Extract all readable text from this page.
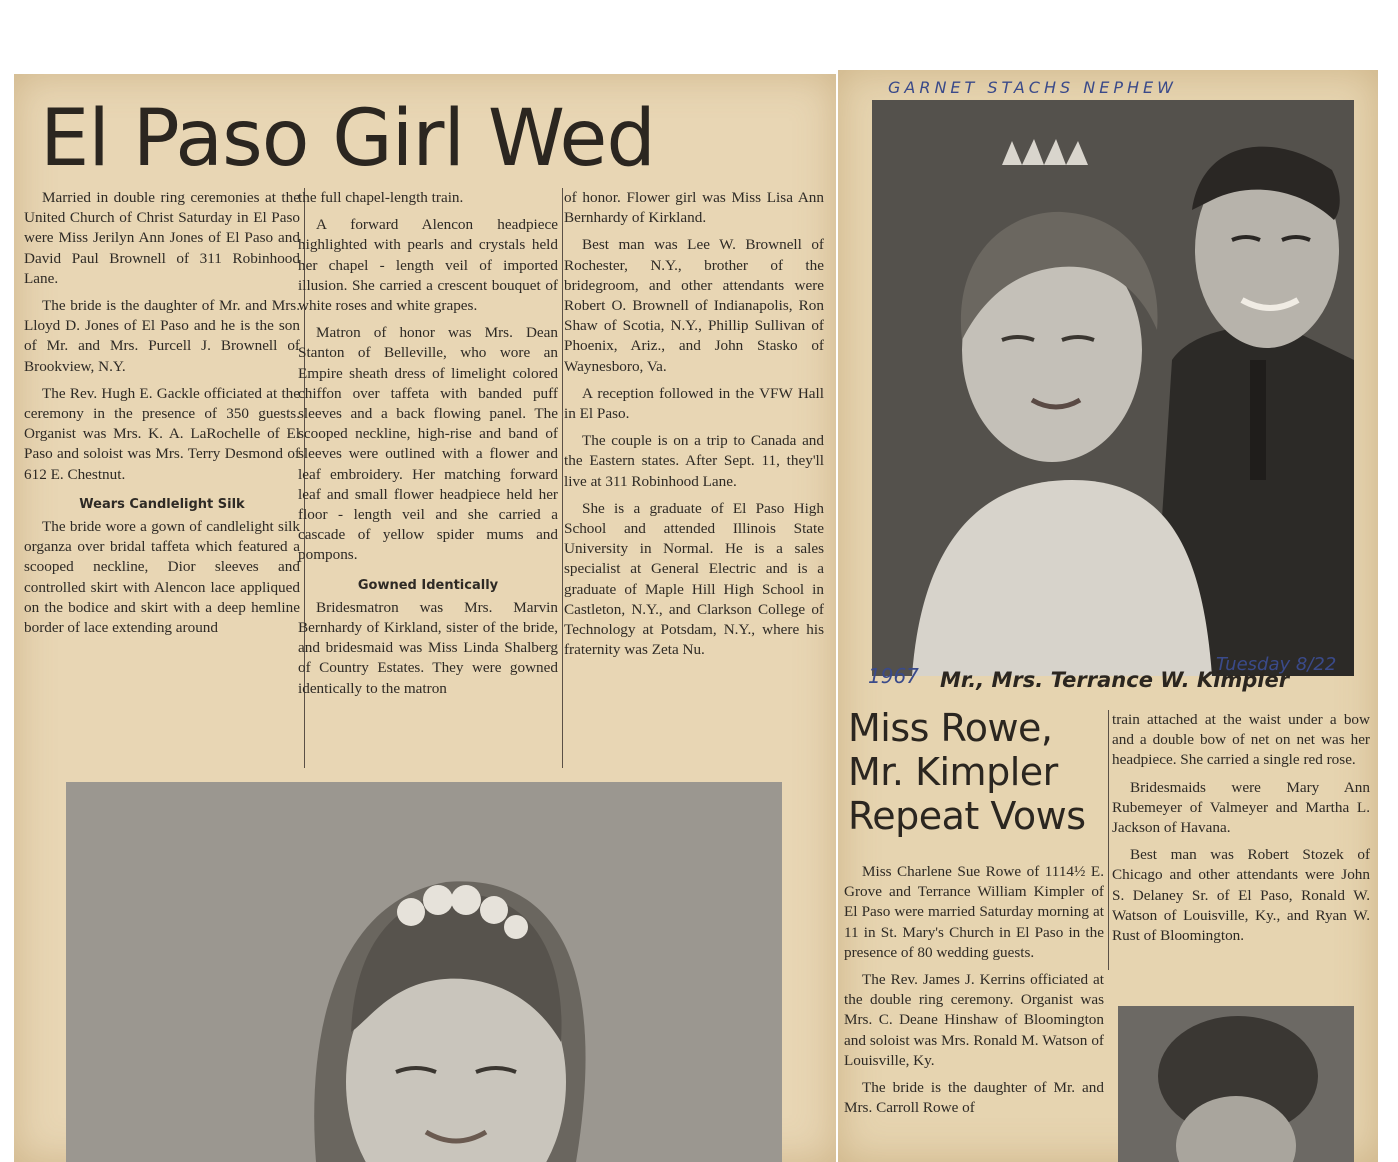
El Paso Girl Wed

Married in double ring ceremonies at the United Church of Christ Saturday in El Paso were Miss Jerilyn Ann Jones of El Paso and David Paul Brownell of 311 Robinhood Lane.

The bride is the daughter of Mr. and Mrs. Lloyd D. Jones of El Paso and he is the son of Mr. and Mrs. Purcell J. Brownell of Brookview, N.Y.

The Rev. Hugh E. Gackle officiated at the ceremony in the presence of 350 guests. Organist was Mrs. K. A. LaRochelle of El Paso and soloist was Mrs. Terry Desmond of 612 E. Chestnut.

Wears Candlelight Silk

The bride wore a gown of candlelight silk organza over bridal taffeta which featured a scooped neckline, Dior sleeves and controlled skirt with Alencon lace appliqued on the bodice and skirt with a deep hemline border of lace extending around

the full chapel-length train.

A forward Alencon headpiece highlighted with pearls and crystals held her chapel - length veil of imported illusion. She carried a crescent bouquet of white roses and white grapes.

Matron of honor was Mrs. Dean Stanton of Belleville, who wore an Empire sheath dress of limelight colored chiffon over taffeta with banded puff sleeves and a back flowing panel. The scooped neckline, high-rise and band of sleeves were outlined with a flower and leaf embroidery. Her matching forward leaf and small flower headpiece held her floor - length veil and she carried a cascade of yellow spider mums and pompons.

Gowned Identically

Bridesmatron was Mrs. Marvin Bernhardy of Kirkland, sister of the bride, and bridesmaid was Miss Linda Shalberg of Country Estates. They were gowned identically to the matron

of honor. Flower girl was Miss Lisa Ann Bernhardy of Kirkland.

Best man was Lee W. Brownell of Rochester, N.Y., brother of the bridegroom, and other attendants were Robert O. Brownell of Indianapolis, Ron Shaw of Scotia, N.Y., Phillip Sullivan of Phoenix, Ariz., and John Stasko of Waynesboro, Va.

A reception followed in the VFW Hall in El Paso.

The couple is on a trip to Canada and the Eastern states. After Sept. 11, they'll live at 311 Robinhood Lane.

She is a graduate of El Paso High School and attended Illinois State University in Normal. He is a sales specialist at General Electric and is a graduate of Maple Hill High School in Castleton, N.Y., and Clarkson College of Technology at Potsdam, N.Y., where his fraternity was Zeta Nu.

GARNET STACHS NEPHEW
1967 Mr., Mrs. Terrance W. Kimpler
Tuesday 8/22
Miss Rowe,
Mr. Kimpler
Repeat Vows

Miss Charlene Sue Rowe of 1114½ E. Grove and Terrance William Kimpler of El Paso were married Saturday morning at 11 in St. Mary's Church in El Paso in the presence of 80 wedding guests.

The Rev. James J. Kerrins officiated at the double ring ceremony. Organist was Mrs. C. Deane Hinshaw of Bloomington and soloist was Mrs. Ronald M. Watson of Louisville, Ky.

The bride is the daughter of Mr. and Mrs. Carroll Rowe of

train attached at the waist under a bow and a double bow of net on net was her headpiece. She carried a single red rose.

Bridesmaids were Mary Ann Rubemeyer of Valmeyer and Martha L. Jackson of Havana.

Best man was Robert Stozek of Chicago and other attendants were John S. Delaney Sr. of El Paso, Ronald W. Watson of Louisville, Ky., and Ryan W. Rust of Bloomington.
